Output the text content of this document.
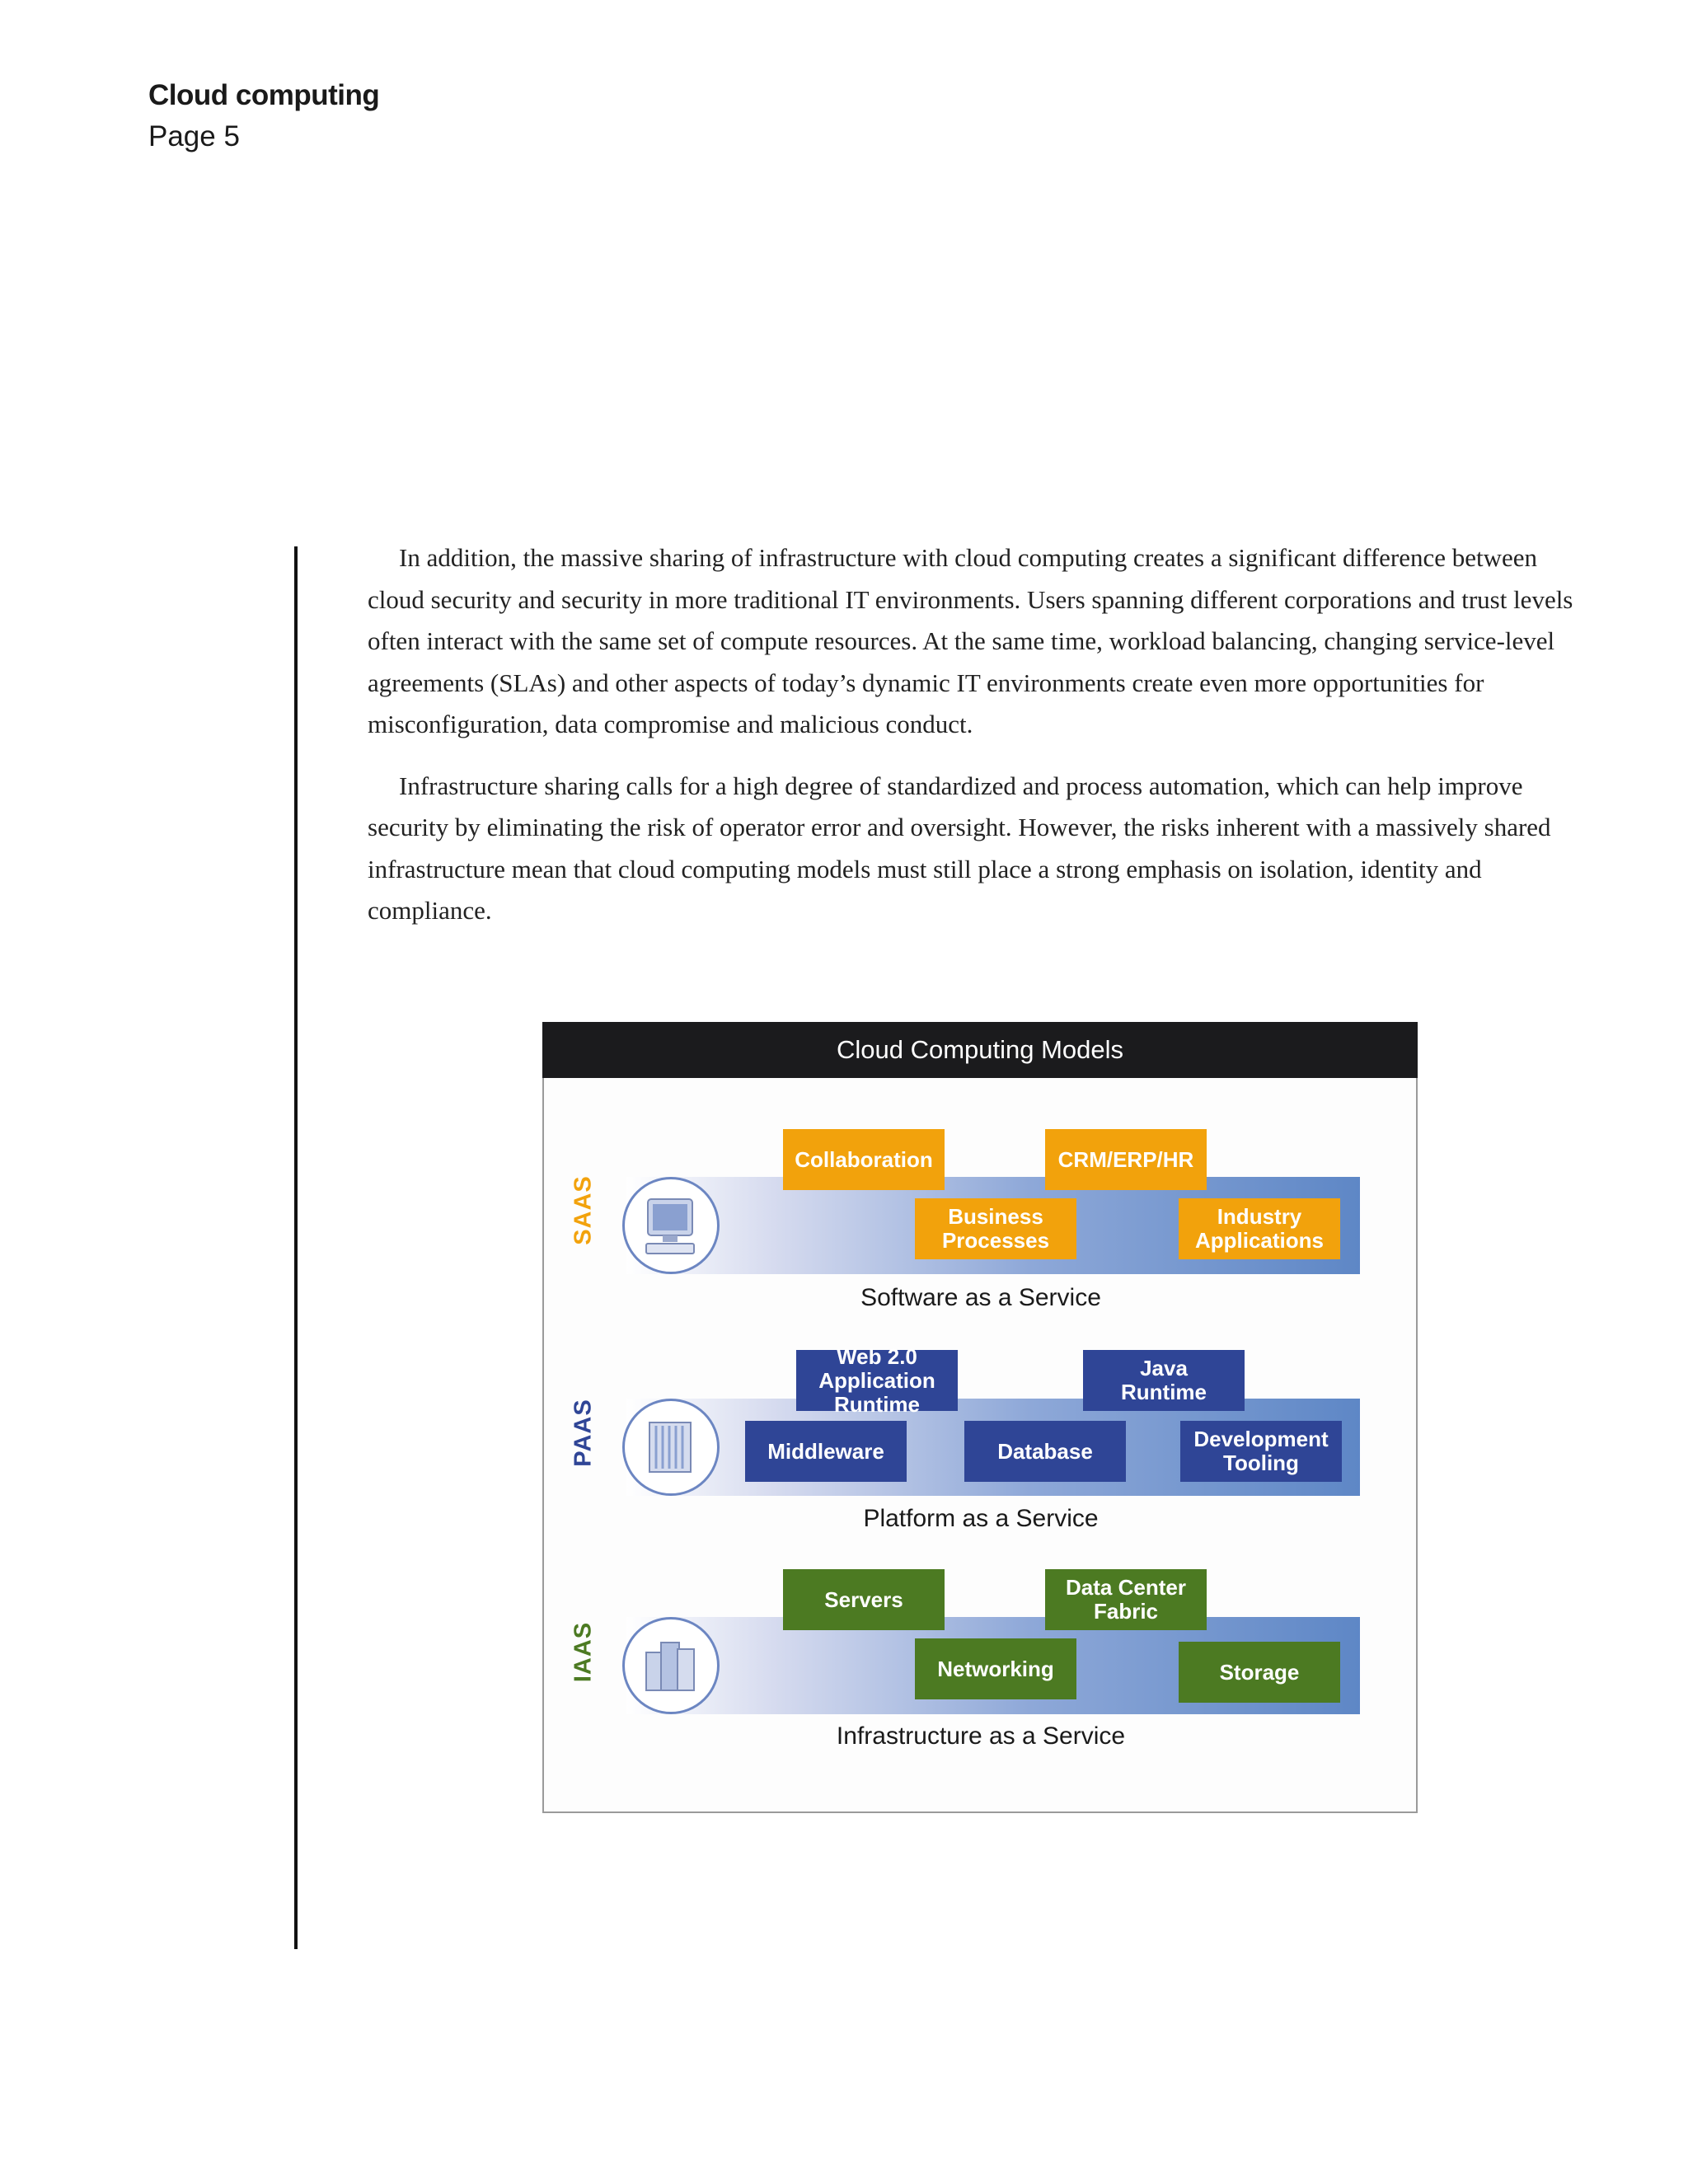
Cloud computing
Page 5

In addition, the massive sharing of infrastructure with cloud computing creates a significant difference between cloud security and security in more traditional IT environments. Users spanning different corporations and trust levels often interact with the same set of compute resources. At the same time, workload balancing, changing service-level agreements (SLAs) and other aspects of today’s dynamic IT environments create even more opportunities for misconfiguration, data compromise and malicious conduct.

Infrastructure sharing calls for a high degree of standardized and process automation, which can help improve security by eliminating the risk of operator error and oversight. However, the risks inherent with a massively shared infrastructure mean that cloud computing models must still place a strong emphasis on isolation, identity and compliance.

Cloud Computing Models
SAAS
Collaboration	CRM/ERP/HR
Business
Processes
Industry
Applications
Software as a Service
PAAS
Web 2.0
Application Runtime
Java
Runtime
Middleware	Database	Development
Tooling
Platform as a Service
IAAS
Servers	Data Center
Fabric
Networking	Storage
Infrastructure as a Service
